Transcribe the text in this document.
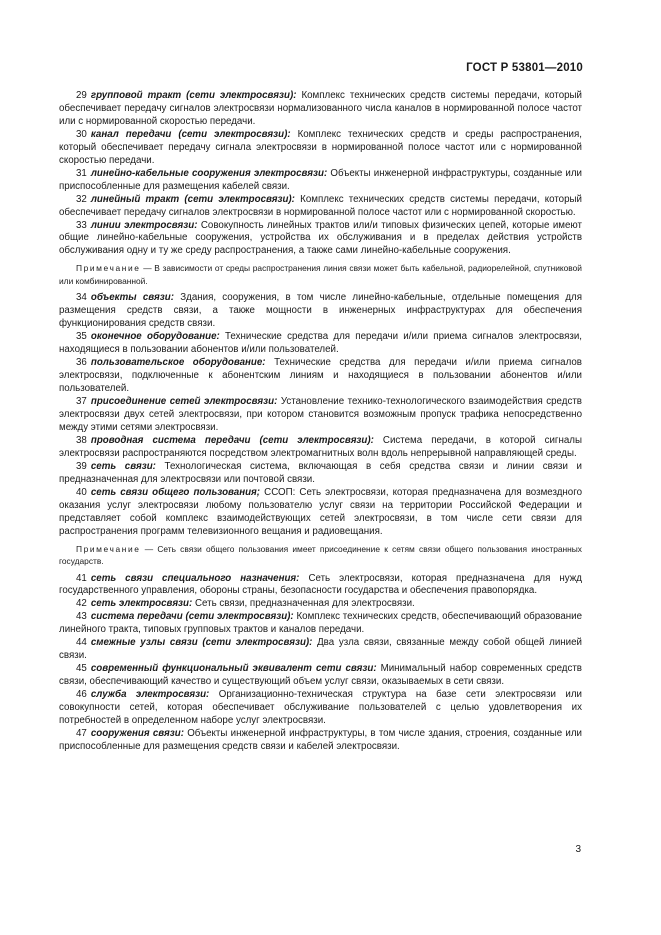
ГОСТ Р 53801—2010

29 групповой тракт (сети электросвязи): Комплекс технических средств системы передачи, который обеспечивает передачу сигналов электросвязи нормализованного числа каналов в нормированной полосе частот или с нормированной скоростью передачи.

30 канал передачи (сети электросвязи): Комплекс технических средств и среды распространения, который обеспечивает передачу сигнала электросвязи в нормированной полосе частот или с нормированной скоростью передачи.

31 линейно-кабельные сооружения электросвязи: Объекты инженерной инфраструктуры, созданные или приспособленные для размещения кабелей связи.

32 линейный тракт (сети электросвязи): Комплекс технических средств системы передачи, который обеспечивает передачу сигналов электросвязи в нормированной полосе частот или с нормированной скоростью.

33 линии электросвязи: Совокупность линейных трактов или/и типовых физических цепей, которые имеют общие линейно-кабельные сооружения, устройства их обслуживания и в пределах действия устройств обслуживания одну и ту же среду распространения, а также сами линейно-кабельные сооружения.

Примечание — В зависимости от среды распространения линия связи может быть кабельной, радиорелейной, спутниковой или комбинированной.

34 объекты связи: Здания, сооружения, в том числе линейно-кабельные, отдельные помещения для размещения средств связи, а также мощности в инженерных инфраструктурах для обеспечения функционирования средств связи.

35 оконечное оборудование: Технические средства для передачи и/или приема сигналов электросвязи, находящиеся в пользовании абонентов и/или пользователей.

36 пользовательское оборудование: Технические средства для передачи и/или приема сигналов электросвязи, подключенные к абонентским линиям и находящиеся в пользовании абонентов и/или пользователей.

37 присоединение сетей электросвязи: Установление технико-технологического взаимодействия средств электросвязи двух сетей электросвязи, при котором становится возможным пропуск трафика непосредственно между этими сетями электросвязи.

38 проводная система передачи (сети электросвязи): Система передачи, в которой сигналы электросвязи распространяются посредством электромагнитных волн вдоль непрерывной направляющей среды.

39 сеть связи: Технологическая система, включающая в себя средства связи и линии связи и предназначенная для электросвязи или почтовой связи.

40 сеть связи общего пользования; ССОП: Сеть электросвязи, которая предназначена для возмездного оказания услуг электросвязи любому пользователю услуг связи на территории Российской Федерации и представляет собой комплекс взаимодействующих сетей электросвязи, в том числе сети связи для распространения программ телевизионного вещания и радиовещания.

Примечание — Сеть связи общего пользования имеет присоединение к сетям связи общего пользования иностранных государств.

41 сеть связи специального назначения: Сеть электросвязи, которая предназначена для нужд государственного управления, обороны страны, безопасности государства и обеспечения правопорядка.

42 сеть электросвязи: Сеть связи, предназначенная для электросвязи.

43 система передачи (сети электросвязи): Комплекс технических средств, обеспечивающий образование линейного тракта, типовых групповых трактов и каналов передачи.

44 смежные узлы связи (сети электросвязи): Два узла связи, связанные между собой общей линией связи.

45 современный функциональный эквивалент сети связи: Минимальный набор современных средств связи, обеспечивающий качество и существующий объем услуг связи, оказываемых в сети связи.

46 служба электросвязи: Организационно-техническая структура на базе сети электросвязи или совокупности сетей, которая обеспечивает обслуживание пользователей с целью удовлетворения их потребностей в определенном наборе услуг электросвязи.

47 сооружения связи: Объекты инженерной инфраструктуры, в том числе здания, строения, созданные или приспособленные для размещения средств связи и кабелей электросвязи.

3
